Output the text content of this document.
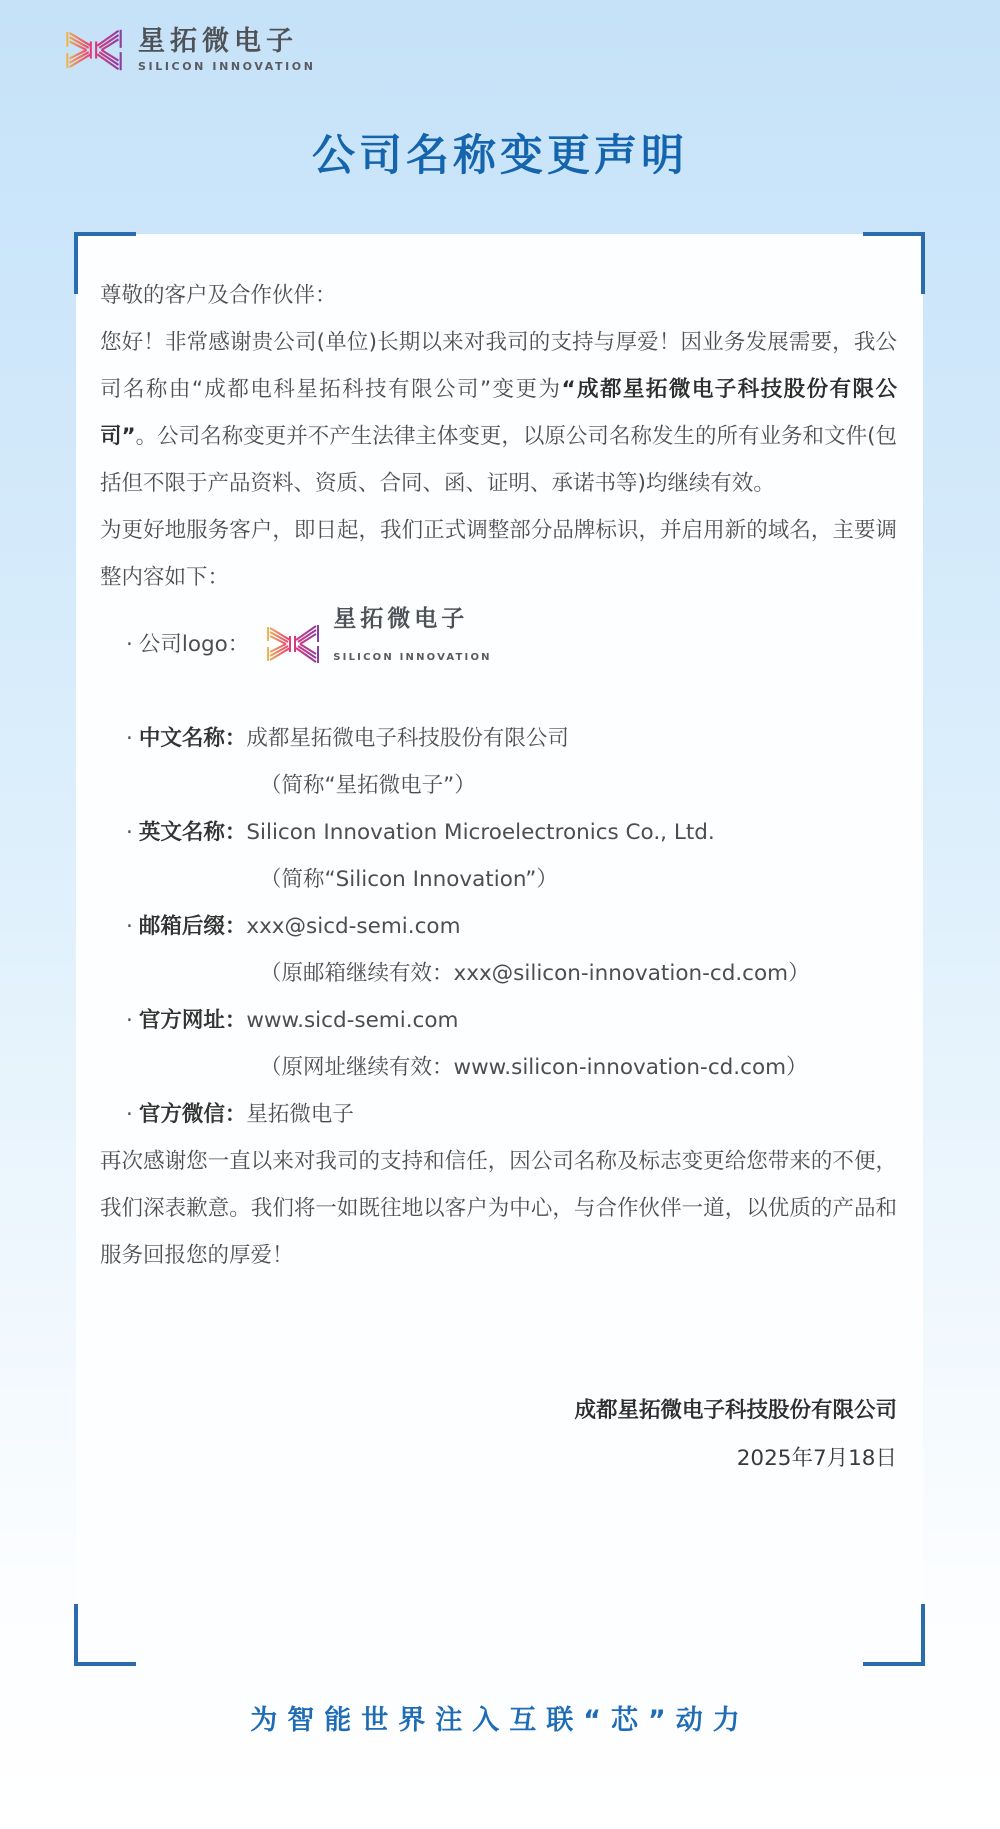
星拓微电子
SILICON INNOVATION
公司名称变更声明

尊敬的客户及合作伙伴：

您好！非常感谢贵公司(单位)长期以来对我司的支持与厚爱！因业务发展需要，我公司名称由“成都电科星拓科技有限公司”变更为“成都星拓微电子科技股份有限公司”。公司名称变更并不产生法律主体变更，以原公司名称发生的所有业务和文件(包括但不限于产品资料、资质、合同、函、证明、承诺书等)均继续有效。

为更好地服务客户，即日起，我们正式调整部分品牌标识，并启用新的域名，主要调整内容如下：

· 公司logo：
星拓微电子
SILICON INNOVATION
· 中文名称：成都星拓微电子科技股份有限公司
（简称“星拓微电子”）
· 英文名称：Silicon Innovation Microelectronics Co., Ltd.
（简称“Silicon Innovation”）
· 邮箱后缀：xxx@sicd-semi.com
（原邮箱继续有效：xxx@silicon-innovation-cd.com）
· 官方网址：www.sicd-semi.com
（原网址继续有效：www.silicon-innovation-cd.com）
· 官方微信：星拓微电子

再次感谢您一直以来对我司的支持和信任，因公司名称及标志变更给您带来的不便，我们深表歉意。我们将一如既往地以客户为中心，与合作伙伴一道，以优质的产品和服务回报您的厚爱！

成都星拓微电子科技股份有限公司
2025年7月18日
为智能世界注入互联“芯”动力
